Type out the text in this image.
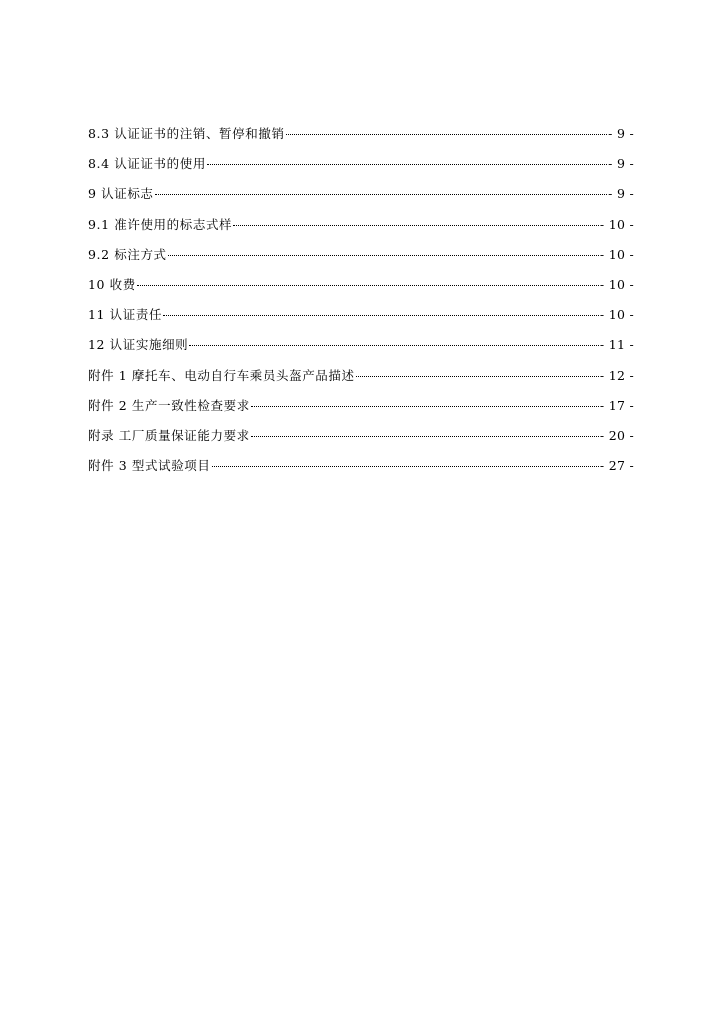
8.3 认证证书的注销、暂停和撤销	- 9 -
8.4 认证证书的使用	- 9 -
9 认证标志	- 9 -
9.1 准许使用的标志式样	- 10 -
9.2 标注方式	- 10 -
10 收费	- 10 -
11 认证责任	- 10 -
12 认证实施细则	- 11 -
附件 1 摩托车、电动自行车乘员头盔产品描述	- 12 -
附件 2 生产一致性检查要求	- 17 -
附录 工厂质量保证能力要求	- 20 -
附件 3 型式试验项目	- 27 -
